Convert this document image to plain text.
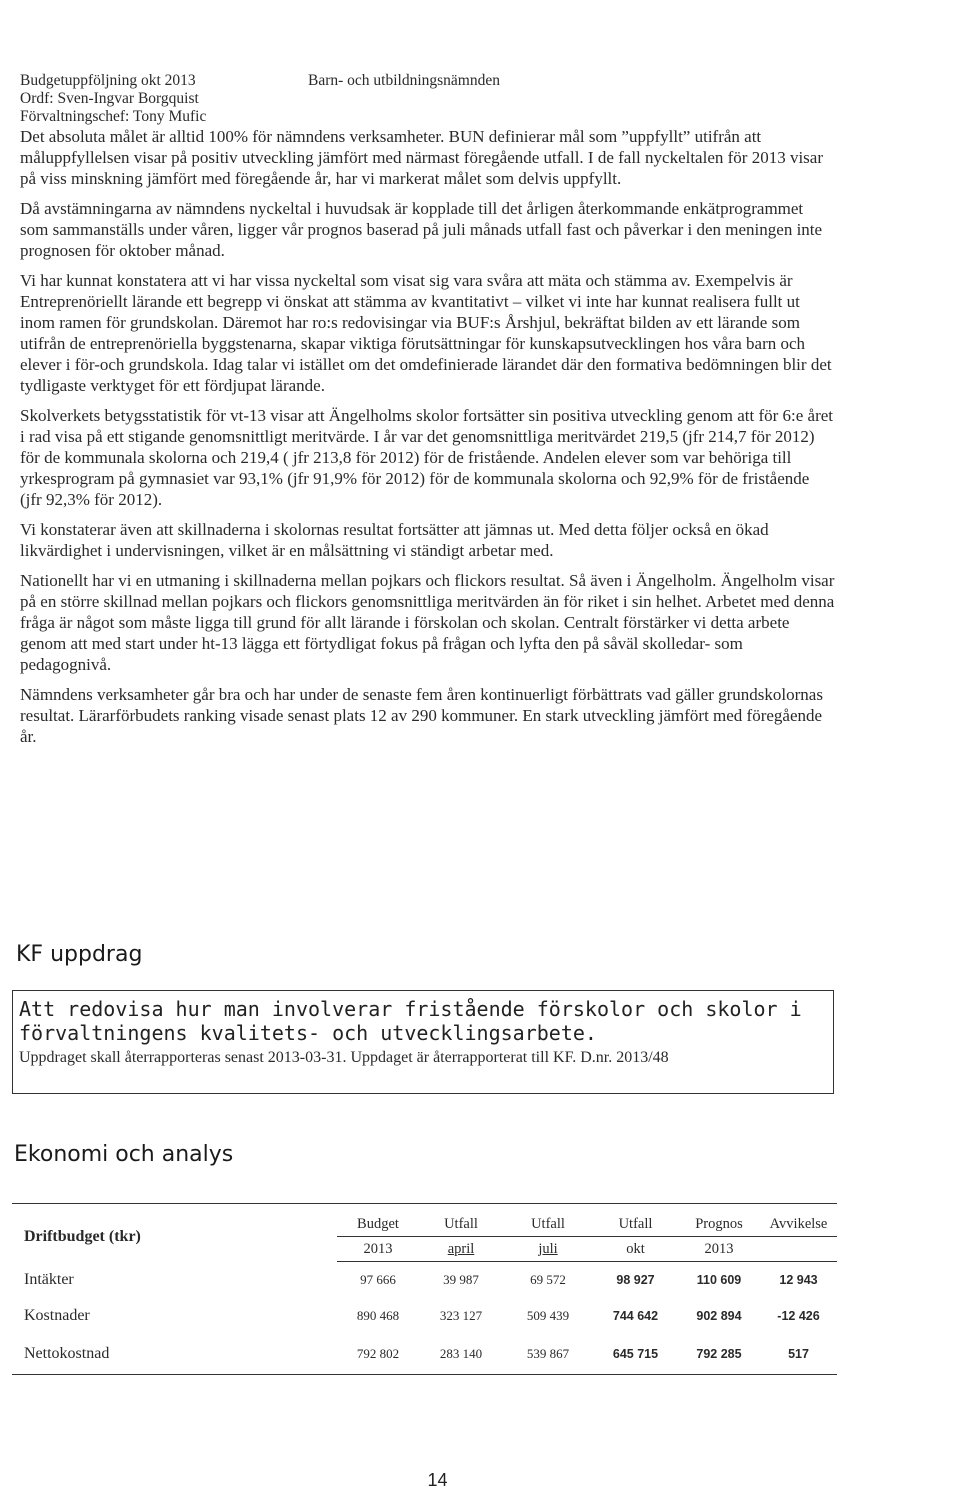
Budgetuppföljning okt 2013	Barn- och utbildningsnämnden
Ordf: Sven-Ingvar Borgquist
Förvaltningschef: Tony Mufic

Det absoluta målet är alltid 100% för nämndens verksamheter. BUN definierar mål som ”uppfyllt” utifrån att måluppfyllelsen visar på positiv utveckling jämfört med närmast föregående utfall. I de fall nyckeltalen för 2013 visar på viss minskning jämfört med föregående år, har vi markerat målet som delvis uppfyllt.

Då avstämningarna av nämndens nyckeltal i huvudsak är kopplade till det årligen återkommande enkätprogrammet som sammanställs under våren, ligger vår prognos baserad på juli månads utfall fast och påverkar i den meningen inte prognosen för oktober månad.

Vi har kunnat konstatera att vi har vissa nyckeltal som visat sig vara svåra att mäta och stämma av. Exempelvis är Entreprenöriellt lärande ett begrepp vi önskat att stämma av kvantitativt – vilket vi inte har kunnat realisera fullt ut inom ramen för grundskolan. Däremot har ro:s redovisingar via BUF:s Årshjul, bekräftat bilden av ett lärande som utifrån de entreprenöriella byggstenarna, skapar viktiga förutsättningar för kunskapsutvecklingen hos våra barn och elever i för-och grundskola. Idag talar vi istället om det omdefinierade lärandet där den formativa bedömningen blir det tydligaste verktyget för ett fördjupat lärande.

Skolverkets betygsstatistik för vt-13 visar att Ängelholms skolor fortsätter sin positiva utveckling genom att för 6:e året i rad visa på ett stigande genomsnittligt meritvärde. I år var det genomsnittliga meritvärdet 219,5 (jfr 214,7 för 2012) för de kommunala skolorna och 219,4 ( jfr 213,8 för 2012) för de fristående. Andelen elever som var behöriga till yrkesprogram på gymnasiet var 93,1% (jfr 91,9% för 2012) för de kommunala skolorna och 92,9% för de fristående (jfr 92,3% för 2012).

Vi konstaterar även att skillnaderna i skolornas resultat fortsätter att jämnas ut. Med detta följer också en ökad likvärdighet i undervisningen, vilket är en målsättning vi ständigt arbetar med.

Nationellt har vi en utmaning i skillnaderna mellan pojkars och flickors resultat. Så även i Ängelholm. Ängelholm visar på en större skillnad mellan pojkars och flickors genomsnittliga meritvärden än för riket i sin helhet. Arbetet med denna fråga är något som måste ligga till grund för allt lärande i förskolan och skolan. Centralt förstärker vi detta arbete genom att med start under ht-13 lägga ett förtydligat fokus på frågan och lyfta den på såväl skolledar- som pedagognivå.

Nämndens verksamheter går bra och har under de senaste fem åren kontinuerligt förbättrats vad gäller grundskolornas resultat. Lärarförbudets ranking visade senast plats 12 av 290 kommuner. En stark utveckling jämfört med föregående år.

KF uppdrag
Att redovisa hur man involverar fristående förskolor och skolor i förvaltningens kvalitets- och utvecklingsarbete.
Uppdraget skall återrapporteras senast 2013-03-31. Uppdaget är återrapporterat till KF. D.nr. 2013/48
Ekonomi och analys
Driftbudget (tkr)	Budget	Utfall	Utfall	Utfall	Prognos	Avvikelse
	2013	april	juli	okt	2013	
Intäkter	97 666	39 987	69 572	98 927	110 609	12 943
Kostnader	890 468	323 127	509 439	744 642	902 894	-12 426
Nettokostnad	792 802	283 140	539 867	645 715	792 285	517
14
